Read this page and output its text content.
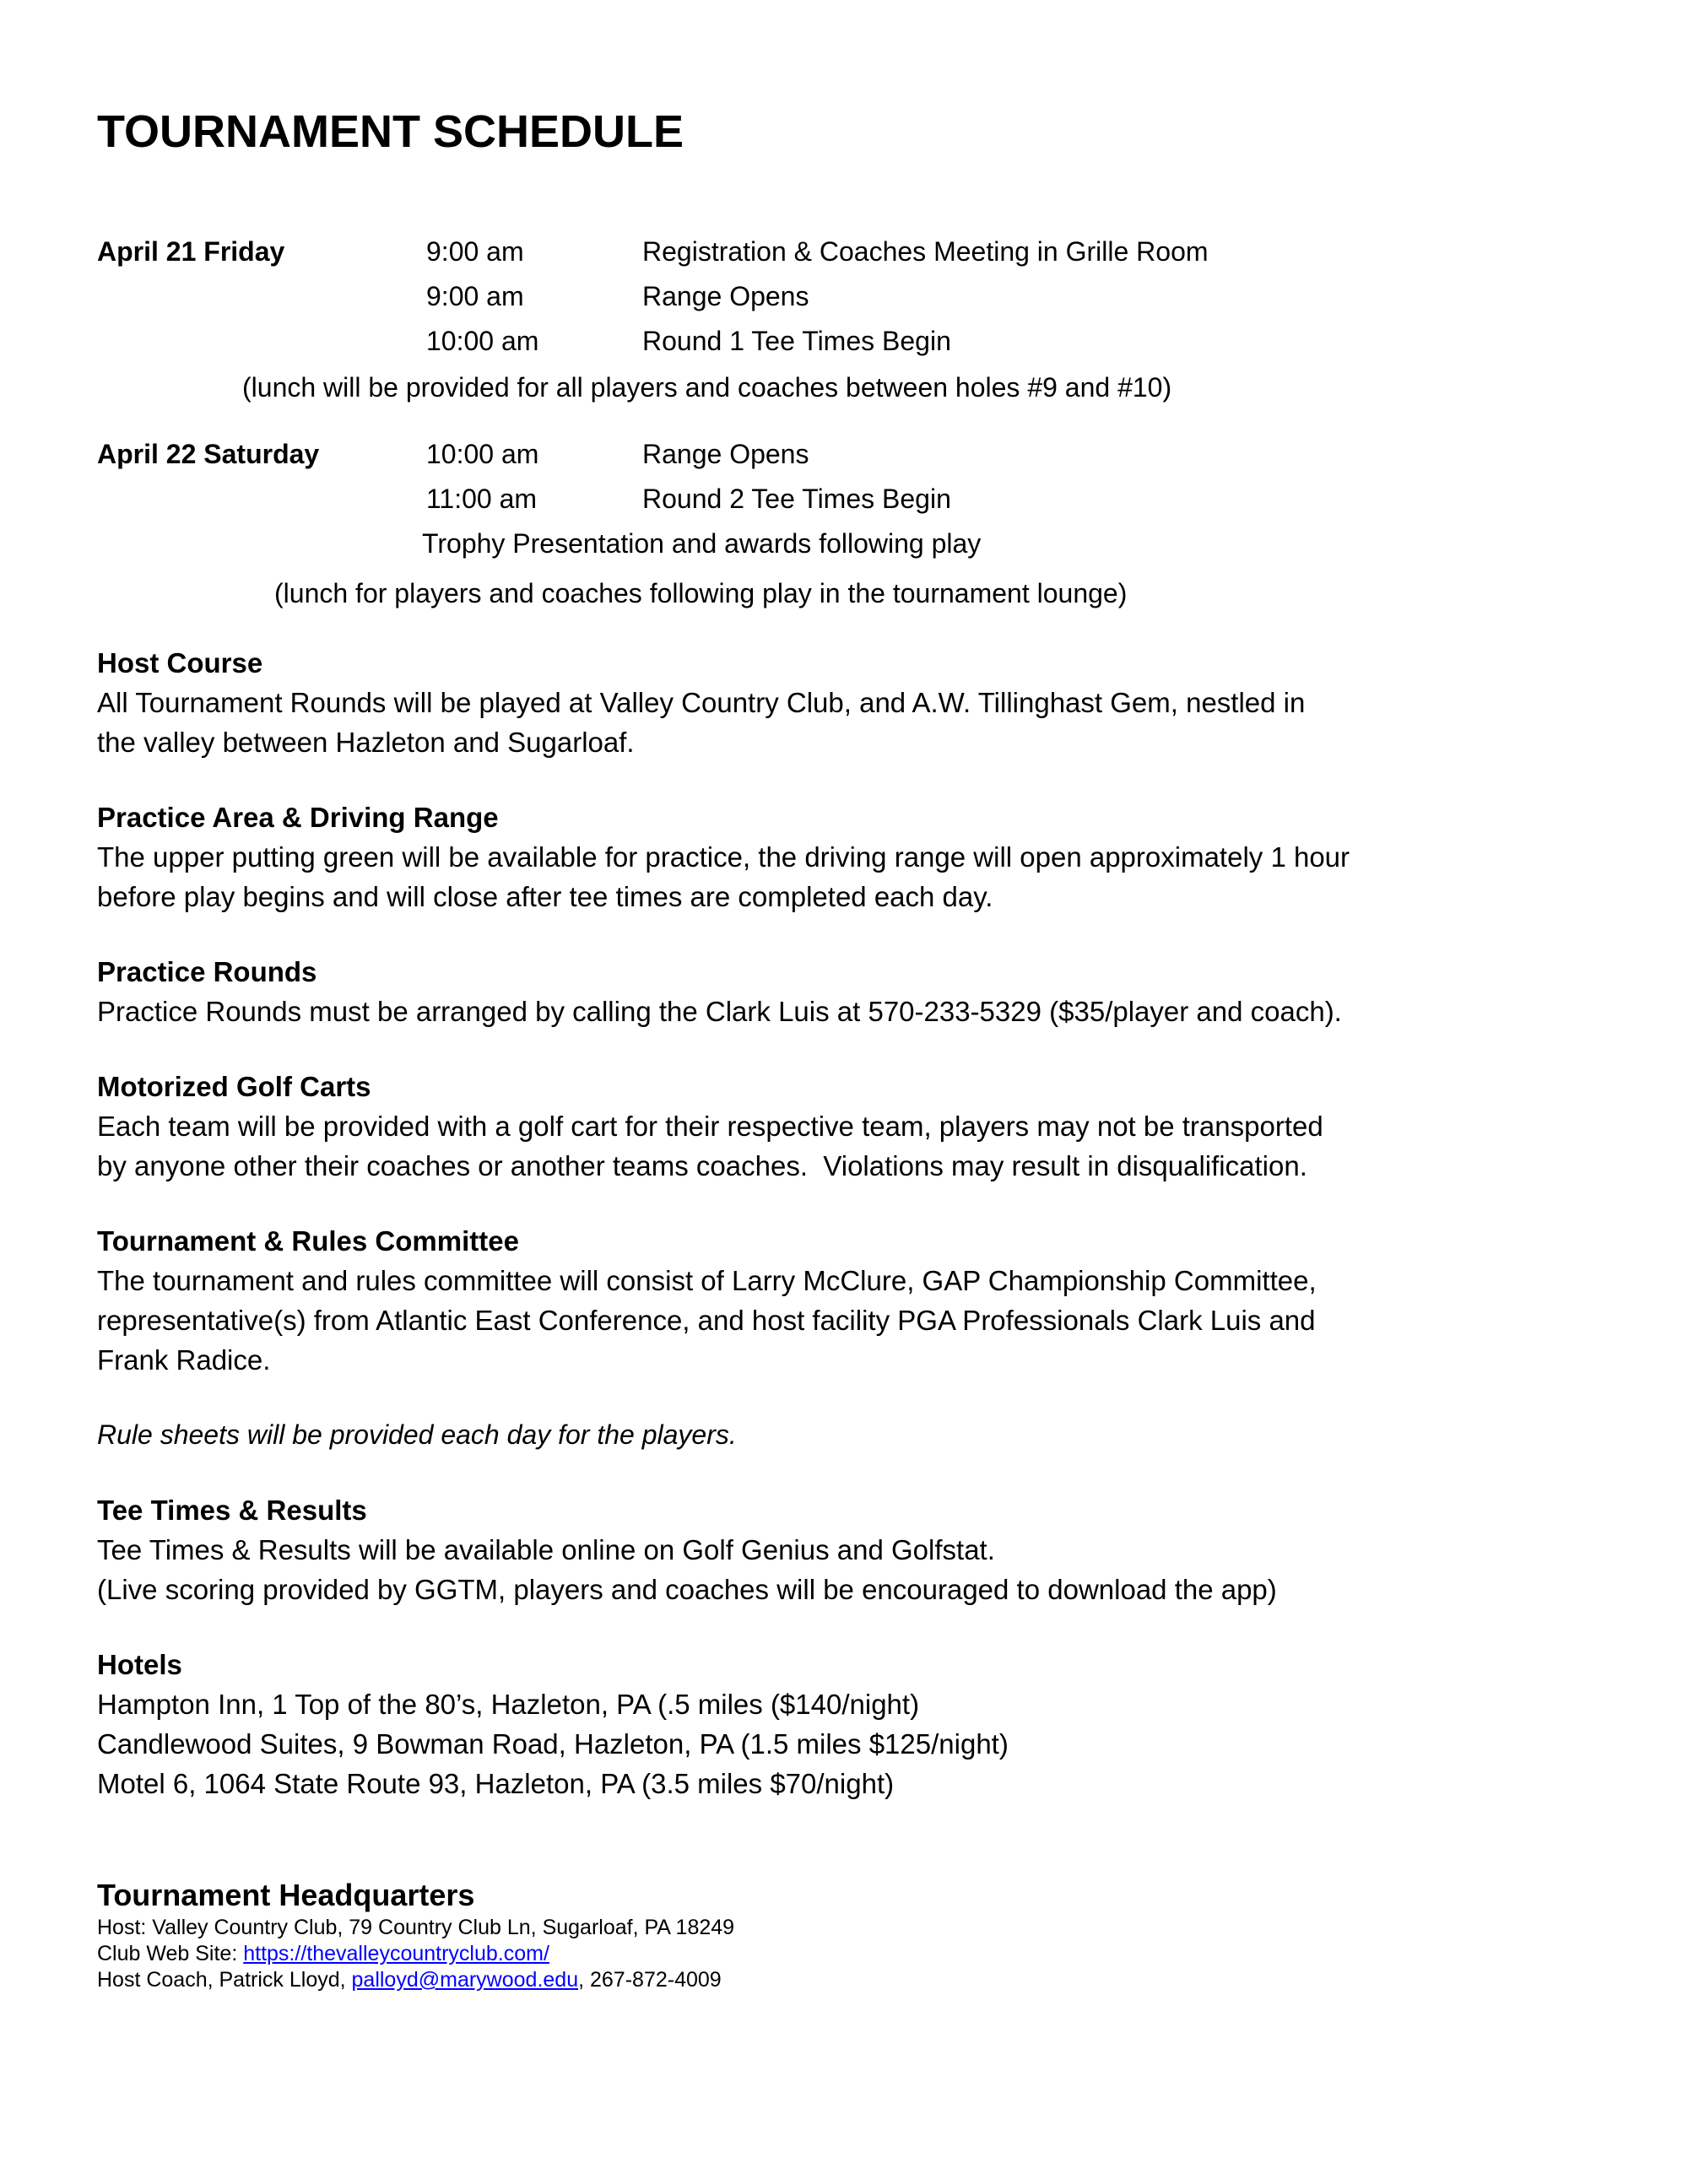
TOURNAMENT SCHEDULE
April 21 Friday	9:00 am	Registration & Coaches Meeting in Grille Room
9:00 am	Range Opens
10:00 am	Round 1 Tee Times Begin
(lunch will be provided for all players and coaches between holes #9 and #10)
April 22 Saturday	10:00 am	Range Opens
11:00 am	Round 2 Tee Times Begin
Trophy Presentation and awards following play
(lunch for players and coaches following play in the tournament lounge)
Host Course
All Tournament Rounds will be played at Valley Country Club, and A.W. Tillinghast Gem, nestled in
the valley between Hazleton and Sugarloaf.
Practice Area & Driving Range
The upper putting green will be available for practice, the driving range will open approximately 1 hour
before play begins and will close after tee times are completed each day.
Practice Rounds
Practice Rounds must be arranged by calling the Clark Luis at 570-233-5329 ($35/player and coach).
Motorized Golf Carts
Each team will be provided with a golf cart for their respective team, players may not be transported
by anyone other their coaches or another teams coaches.  Violations may result in disqualification.
Tournament & Rules Committee
The tournament and rules committee will consist of Larry McClure, GAP Championship Committee,
representative(s) from Atlantic East Conference, and host facility PGA Professionals Clark Luis and
Frank Radice.
Rule sheets will be provided each day for the players.
Tee Times & Results
Tee Times & Results will be available online on Golf Genius and Golfstat.
(Live scoring provided by GGTM, players and coaches will be encouraged to download the app)
Hotels
Hampton Inn, 1 Top of the 80’s, Hazleton, PA (.5 miles ($140/night)
Candlewood Suites, 9 Bowman Road, Hazleton, PA (1.5 miles $125/night)
Motel 6, 1064 State Route 93, Hazleton, PA (3.5 miles $70/night)
Tournament Headquarters
Host: Valley Country Club, 79 Country Club Ln, Sugarloaf, PA 18249
Club Web Site: https://thevalleycountryclub.com/
Host Coach, Patrick Lloyd, palloyd@marywood.edu, 267-872-4009
